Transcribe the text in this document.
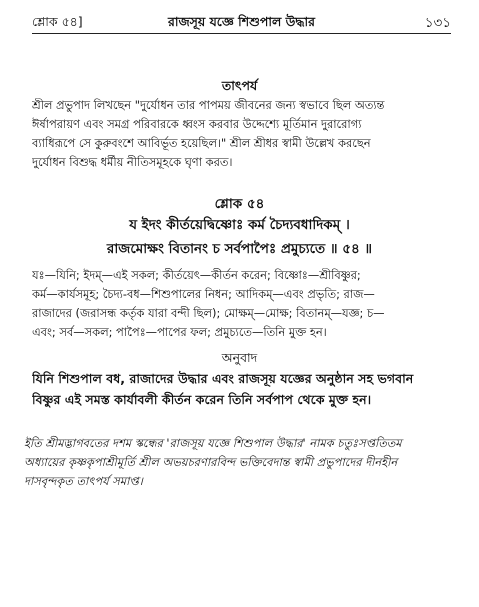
শ্লোক ৫৪]	রাজসূয় যজ্ঞে শিশুপাল উদ্ধার	১৩১
তাৎপর্য
শ্রীল প্রভুপাদ লিখছেন "দুর্যোধন তার পাপময় জীবনের জন্য স্বভাবে ছিল অত্যন্ত
ঈর্ষাপরায়ণ এবং সমগ্র পরিবারকে ধ্বংস করবার উদ্দেশ্যে মূর্তিমান দুরারোগ্য
ব্যাধিরূপে সে কুরুবংশে আবির্ভূত হয়েছিল।" শ্রীল শ্রীধর স্বামী উল্লেখ করছেন
দুর্যোধন বিশুদ্ধ ধর্মীয় নীতিসমূহকে ঘৃণা করত।
শ্লোক ৫৪
য ইদং কীর্তয়েদ্বিষ্ণোঃ কর্ম চৈদ্যবধাদিকম্ ।
রাজমোক্ষং বিতানং চ সর্বপাপৈঃ প্রমুচ্যতে ॥ ৫৪ ॥
যঃ—যিনি; ইদম্—এই সকল; কীর্তয়েৎ—কীর্তন করেন; বিষ্ণোঃ—শ্রীবিষ্ণুর;
কর্ম—কার্যসমূহ; চৈদ্য-বধ—শিশুপালের নিধন; আদিকম্—এবং প্রভৃতি; রাজ—
রাজাদের (জরাসন্ধ কর্তৃক যারা বন্দী ছিল); মোক্ষম্—মোক্ষ; বিতানম্—যজ্ঞ; চ—
এবং; সর্ব—সকল; পাপৈঃ—পাপের ফল; প্রমুচ্যতে—তিনি মুক্ত হন।
অনুবাদ
যিনি শিশুপাল বধ, রাজাদের উদ্ধার এবং রাজসূয় যজ্ঞের অনুষ্ঠান সহ ভগবান
বিষ্ণুর এই সমস্ত কার্যাবলী কীর্তন করেন তিনি সর্বপাপ থেকে মুক্ত হন।
ইতি শ্রীমদ্ভাগবতের দশম স্কন্ধের 'রাজসূয় যজ্ঞে শিশুপাল উদ্ধার' নামক চতুঃসপ্ততিতম
অধ্যায়ের কৃষ্ণকৃপাশ্রীমূর্তি শ্রীল অভয়চরণারবিন্দ ভক্তিবেদান্ত স্বামী প্রভুপাদের দীনহীন
দাসবৃন্দকৃত তাৎপর্য সমাপ্ত।
